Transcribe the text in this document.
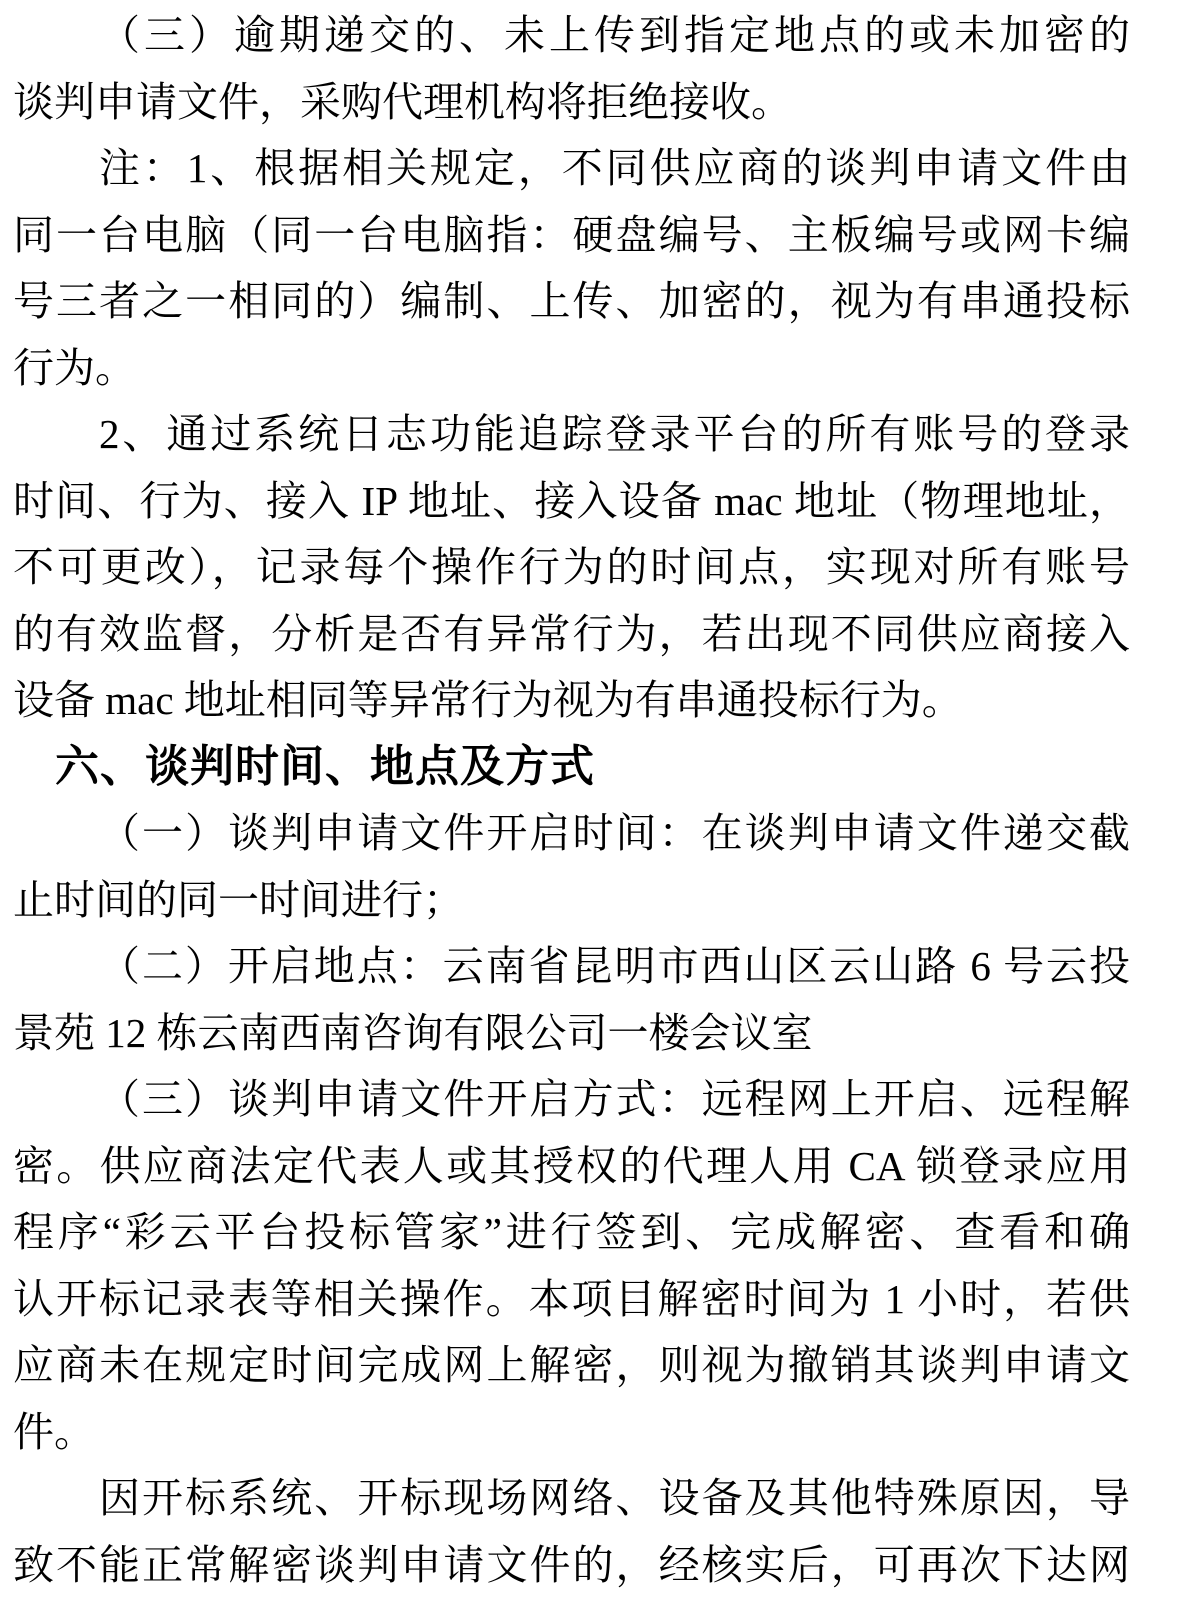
（三）逾期递交的、未上传到指定地点的或未加密的
谈判申请文件，采购代理机构将拒绝接收。
注：1、根据相关规定，不同供应商的谈判申请文件由
同一台电脑（同一台电脑指：硬盘编号、主板编号或网卡编
号三者之一相同的）编制、上传、加密的，视为有串通投标
行为。
2、通过系统日志功能追踪登录平台的所有账号的登录
时间、行为、接入 IP 地址、接入设备 mac 地址（物理地址，
不可更改），记录每个操作行为的时间点，实现对所有账号
的有效监督，分析是否有异常行为，若出现不同供应商接入
设备 mac 地址相同等异常行为视为有串通投标行为。
六、谈判时间、地点及方式
（一）谈判申请文件开启时间：在谈判申请文件递交截
止时间的同一时间进行；
（二）开启地点：云南省昆明市西山区云山路 6 号云投
景苑 12 栋云南西南咨询有限公司一楼会议室
（三）谈判申请文件开启方式：远程网上开启、远程解
密。供应商法定代表人或其授权的代理人用 CA 锁登录应用
程序“彩云平台投标管家”进行签到、完成解密、查看和确
认开标记录表等相关操作。本项目解密时间为 1 小时，若供
应商未在规定时间完成网上解密，则视为撤销其谈判申请文
件。
因开标系统、开标现场网络、设备及其他特殊原因，导
致不能正常解密谈判申请文件的，经核实后，可再次下达网
